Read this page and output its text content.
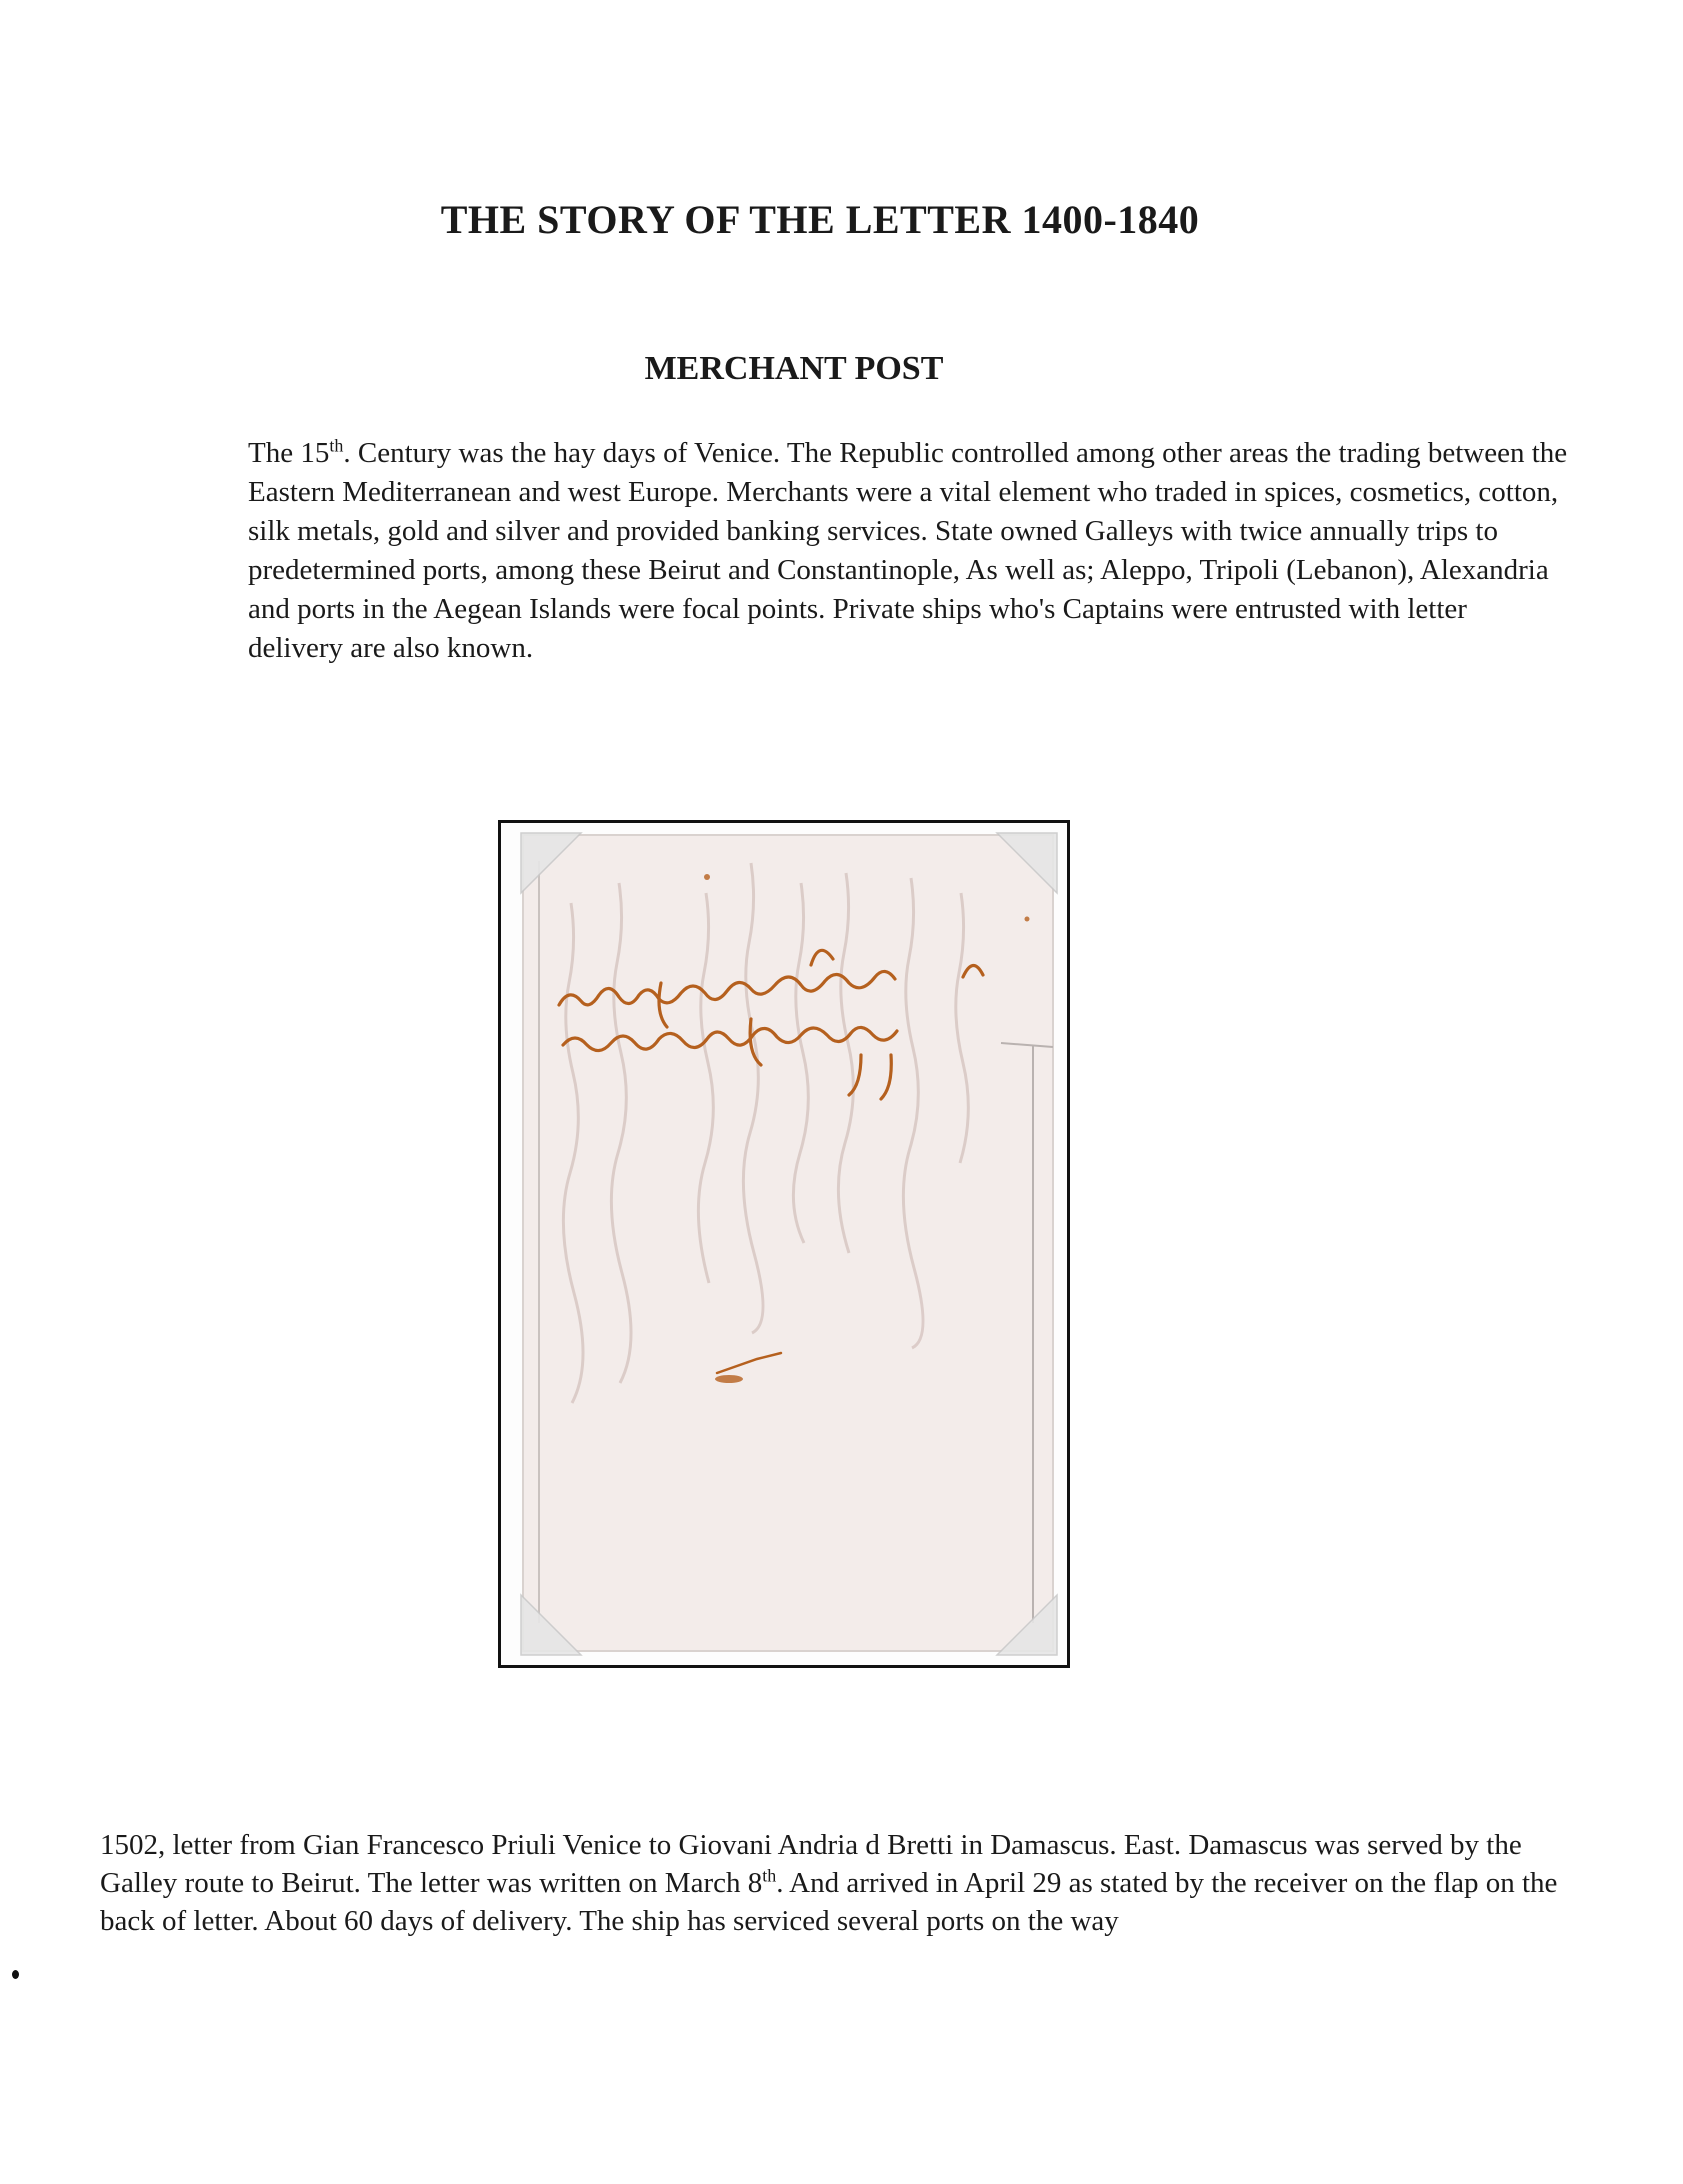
THE STORY OF THE LETTER 1400-1840
MERCHANT POST

The 15th. Century was the hay days of Venice. The Republic controlled among other areas the trading between the Eastern Mediterranean and west Europe. Merchants were a vital element who traded in spices, cosmetics, cotton, silk metals, gold and silver and provided banking services. State owned Galleys with twice annually trips to predetermined ports, among these Beirut and Constantinople, As well as; Aleppo, Tripoli (Lebanon), Alexandria and ports in the Aegean Islands were focal points. Private ships who's Captains were entrusted with letter delivery are also known.

1502, letter from Gian Francesco Priuli Venice to Giovani Andria d Bretti in Damascus. East. Damascus was served by the Galley route to Beirut. The letter was written on March 8th. And arrived in April 29 as stated by the receiver on the flap on the back of letter. About 60 days of delivery. The ship has serviced several ports on the way
